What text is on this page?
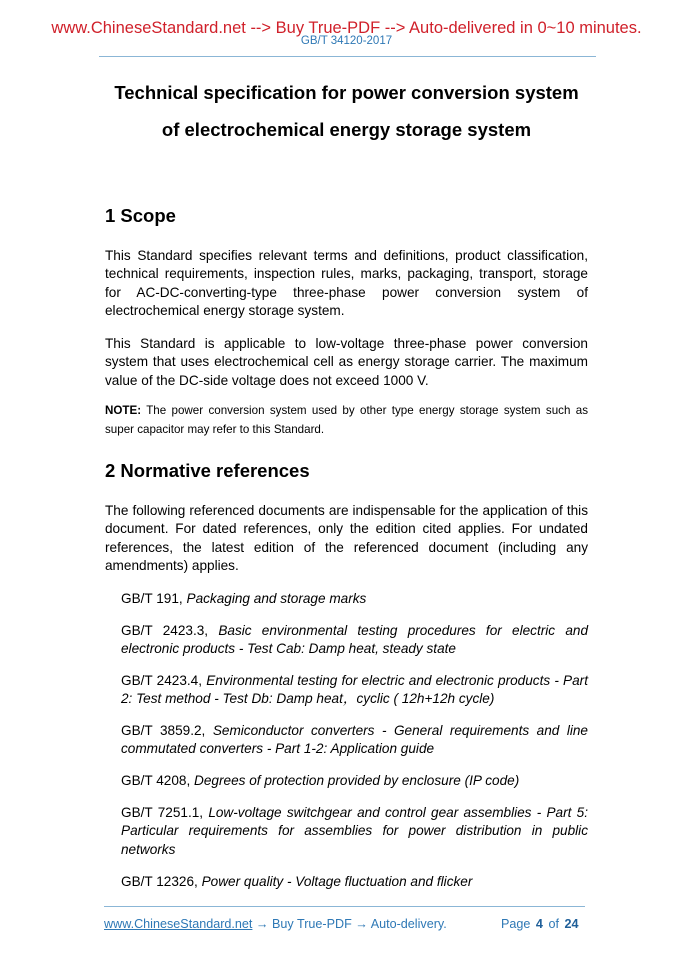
www.ChineseStandard.net --> Buy True-PDF --> Auto-delivered in 0~10 minutes.
GB/T 34120-2017
Technical specification for power conversion system
of electrochemical energy storage system
1 Scope
This Standard specifies relevant terms and definitions, product classification, technical requirements, inspection rules, marks, packaging, transport, storage for AC-DC-converting-type three-phase power conversion system of electrochemical energy storage system.
This Standard is applicable to low-voltage three-phase power conversion system that uses electrochemical cell as energy storage carrier. The maximum value of the DC-side voltage does not exceed 1000 V.
NOTE: The power conversion system used by other type energy storage system such as super capacitor may refer to this Standard.
2 Normative references
The following referenced documents are indispensable for the application of this document. For dated references, only the edition cited applies. For undated references, the latest edition of the referenced document (including any amendments) applies.
GB/T 191, Packaging and storage marks
GB/T 2423.3, Basic environmental testing procedures for electric and electronic products - Test Cab: Damp heat, steady state
GB/T 2423.4, Environmental testing for electric and electronic products - Part 2: Test method - Test Db: Damp heat，cyclic ( 12h+12h cycle)
GB/T 3859.2, Semiconductor converters - General requirements and line commutated converters - Part 1-2: Application guide
GB/T 4208, Degrees of protection provided by enclosure (IP code)
GB/T 7251.1, Low-voltage switchgear and control gear assemblies - Part 5: Particular requirements for assemblies for power distribution in public networks
GB/T 12326, Power quality - Voltage fluctuation and flicker
www.ChineseStandard.net → Buy True-PDF → Auto-delivery.	Page 4 of 24
